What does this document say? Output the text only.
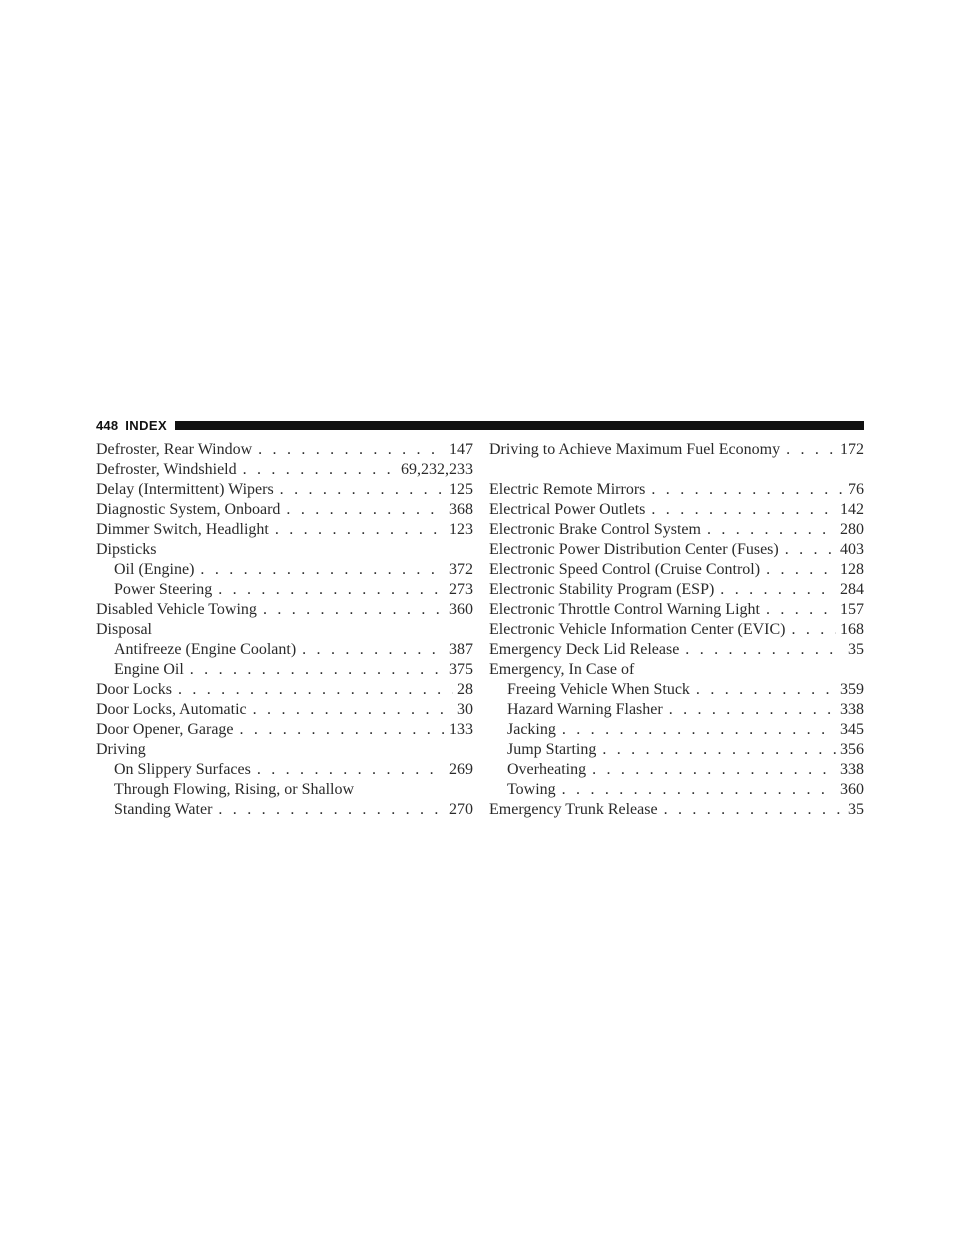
448 INDEX
Defroster, Rear Window . . .	147
Defroster, Windshield . . .	69,232,233
Delay (Intermittent) Wipers . . .	125
Diagnostic System, Onboard . . .	368
Dimmer Switch, Headlight . . .	123
Dipsticks
Oil (Engine) . . .	372
Power Steering . . .	273
Disabled Vehicle Towing . . .	360
Disposal
Antifreeze (Engine Coolant) . . .	387
Engine Oil . . .	375
Door Locks . . .	28
Door Locks, Automatic . . .	30
Door Opener, Garage . . .	133
Driving
On Slippery Surfaces . . .	269
Through Flowing, Rising, or Shallow
Standing Water . . .	270
Driving to Achieve Maximum Fuel Economy . . .	172
Electric Remote Mirrors . . .	76
Electrical Power Outlets . . .	142
Electronic Brake Control System . . .	280
Electronic Power Distribution Center (Fuses) . . .	403
Electronic Speed Control (Cruise Control) . . .	128
Electronic Stability Program (ESP) . . .	284
Electronic Throttle Control Warning Light . . .	157
Electronic Vehicle Information Center (EVIC) . . .	168
Emergency Deck Lid Release . . .	35
Emergency, In Case of
Freeing Vehicle When Stuck . . .	359
Hazard Warning Flasher . . .	338
Jacking . . .	345
Jump Starting . . .	356
Overheating . . .	338
Towing . . .	360
Emergency Trunk Release . . .	35
